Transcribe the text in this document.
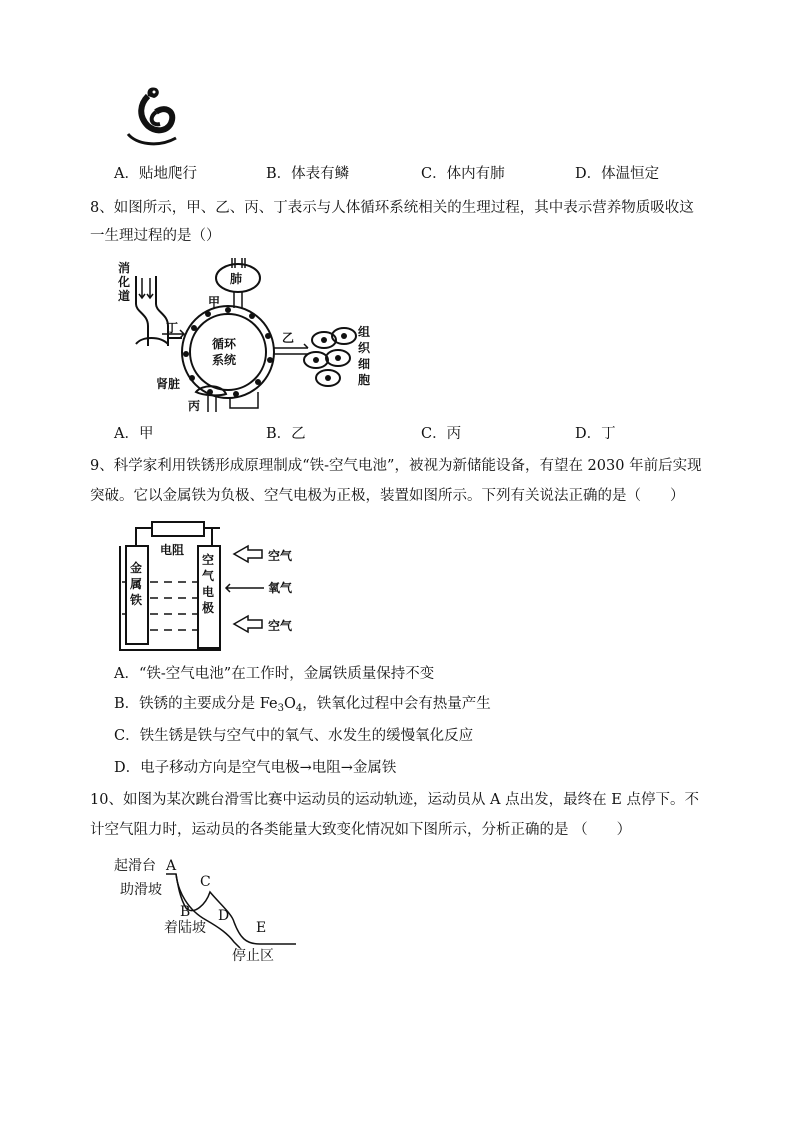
A．贴地爬行	B．体表有鳞	C．体内有肺	D．体温恒定
8、如图所示，甲、乙、丙、丁表示与人体循环系统相关的生理过程，其中表示营养物质吸收这
一生理过程的是（）
消
化
道
丁
肺
甲
循环
系统
乙	组
织
细
胞
肾脏
丙
A．甲	B．乙	C．丙	D．丁
9、科学家利用铁锈形成原理制成“铁-空气电池”，被视为新储能设备，有望在 2030 年前后实现
突破。它以金属铁为负极、空气电极为正极，装置如图所示。下列有关说法正确的是（　　）
电阻
金
属
铁
空
气
电
极
空气
氧气
空气
A．“铁-空气电池”在工作时，金属铁质量保持不变
B．铁锈的主要成分是 $Fe_3O_4$，铁氧化过程中会有热量产生
C．铁生锈是铁与空气中的氧气、水发生的缓慢氧化反应
D．电子移动方向是空气电极→电阻→金属铁
10、如图为某次跳台滑雪比赛中运动员的运动轨迹，运动员从 A 点出发，最终在 E 点停下。不
计空气阻力时，运动员的各类能量大致变化情况如下图所示，分析正确的是 （　　）
起滑台 A
助滑坡	C
B D
着陆坡	E
停止区
